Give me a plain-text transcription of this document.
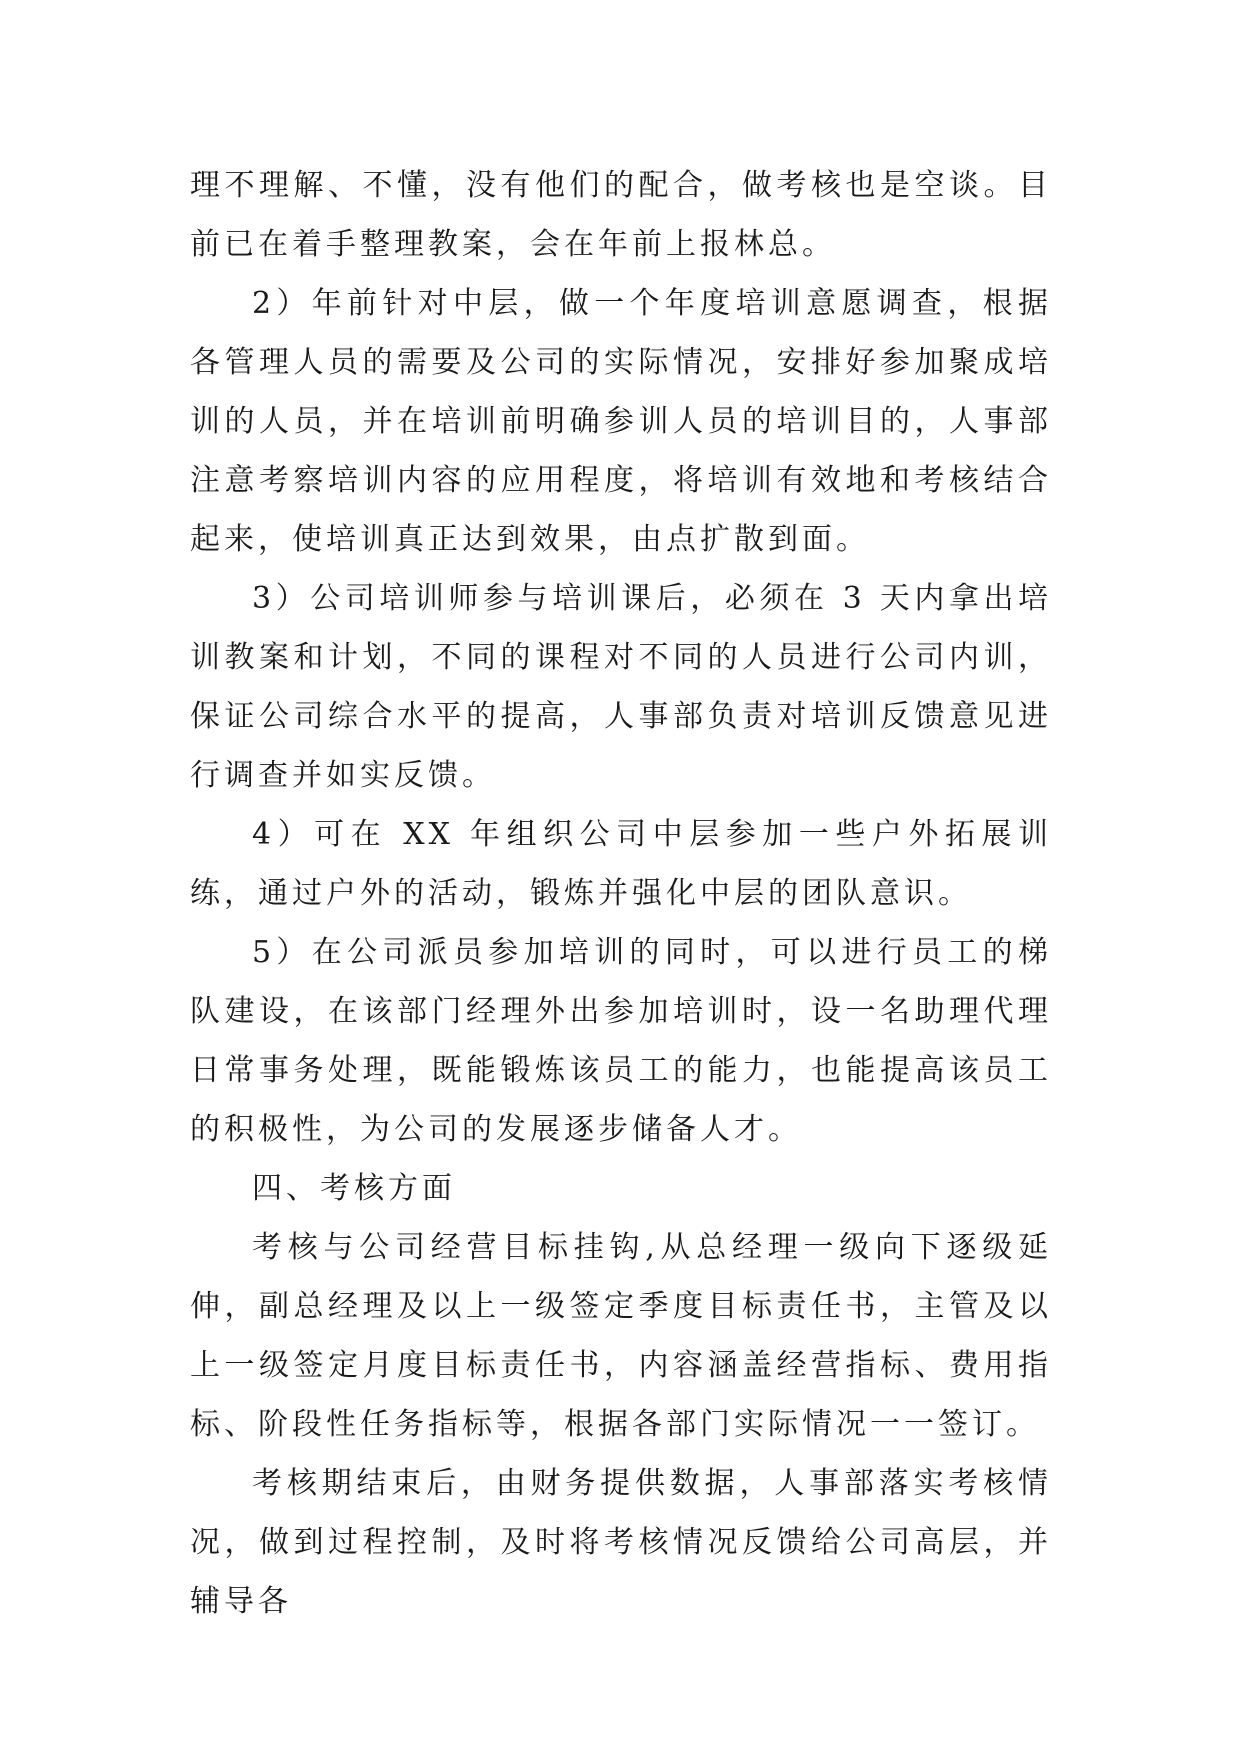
理不理解、不懂，没有他们的配合，做考核也是空谈。目前已在着手整理教案，会在年前上报林总。

2）年前针对中层，做一个年度培训意愿调查，根据各管理人员的需要及公司的实际情况，安排好参加聚成培训的人员，并在培训前明确参训人员的培训目的，人事部注意考察培训内容的应用程度，将培训有效地和考核结合起来，使培训真正达到效果，由点扩散到面。

3）公司培训师参与培训课后，必须在 3 天内拿出培训教案和计划，不同的课程对不同的人员进行公司内训，保证公司综合水平的提高，人事部负责对培训反馈意见进行调查并如实反馈。

4）可在 XX 年组织公司中层参加一些户外拓展训练，通过户外的活动，锻炼并强化中层的团队意识。

5）在公司派员参加培训的同时，可以进行员工的梯队建设，在该部门经理外出参加培训时，设一名助理代理日常事务处理，既能锻炼该员工的能力，也能提高该员工的积极性，为公司的发展逐步储备人才。

四、考核方面

考核与公司经营目标挂钩,从总经理一级向下逐级延伸，副总经理及以上一级签定季度目标责任书，主管及以上一级签定月度目标责任书，内容涵盖经营指标、费用指标、阶段性任务指标等，根据各部门实际情况一一签订。

考核期结束后，由财务提供数据，人事部落实考核情况，做到过程控制，及时将考核情况反馈给公司高层，并辅导各
